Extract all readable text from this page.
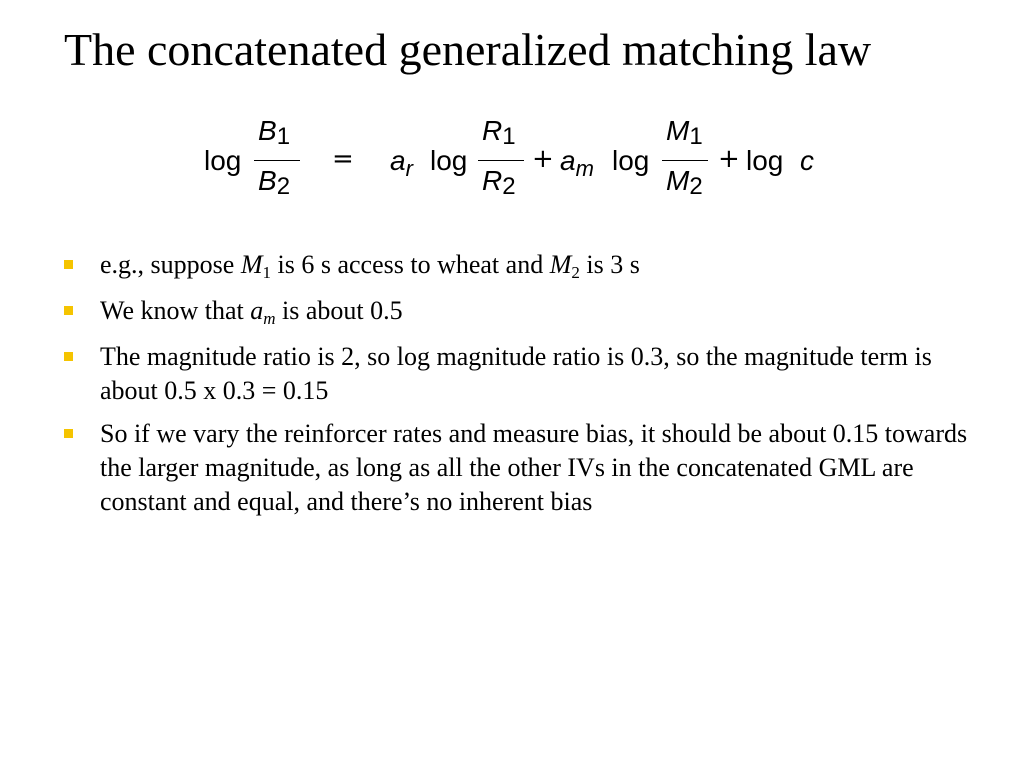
The concatenated generalized matching law
log
B1
B2
= $a_r$ log
R1
R2
+ $a_m$ log
M1
M2
+ log c
e.g., suppose M1 is 6 s access to wheat and M2 is 3 s
We know that am is about 0.5
The magnitude ratio is 2, so log magnitude ratio is 0.3, so the magnitude term is about 0.5 x 0.3 = 0.15
So if we vary the reinforcer rates and measure bias, it should be about 0.15 towards the larger magnitude, as long as all the other IVs in the concatenated GML are constant and equal, and there’s no inherent bias
